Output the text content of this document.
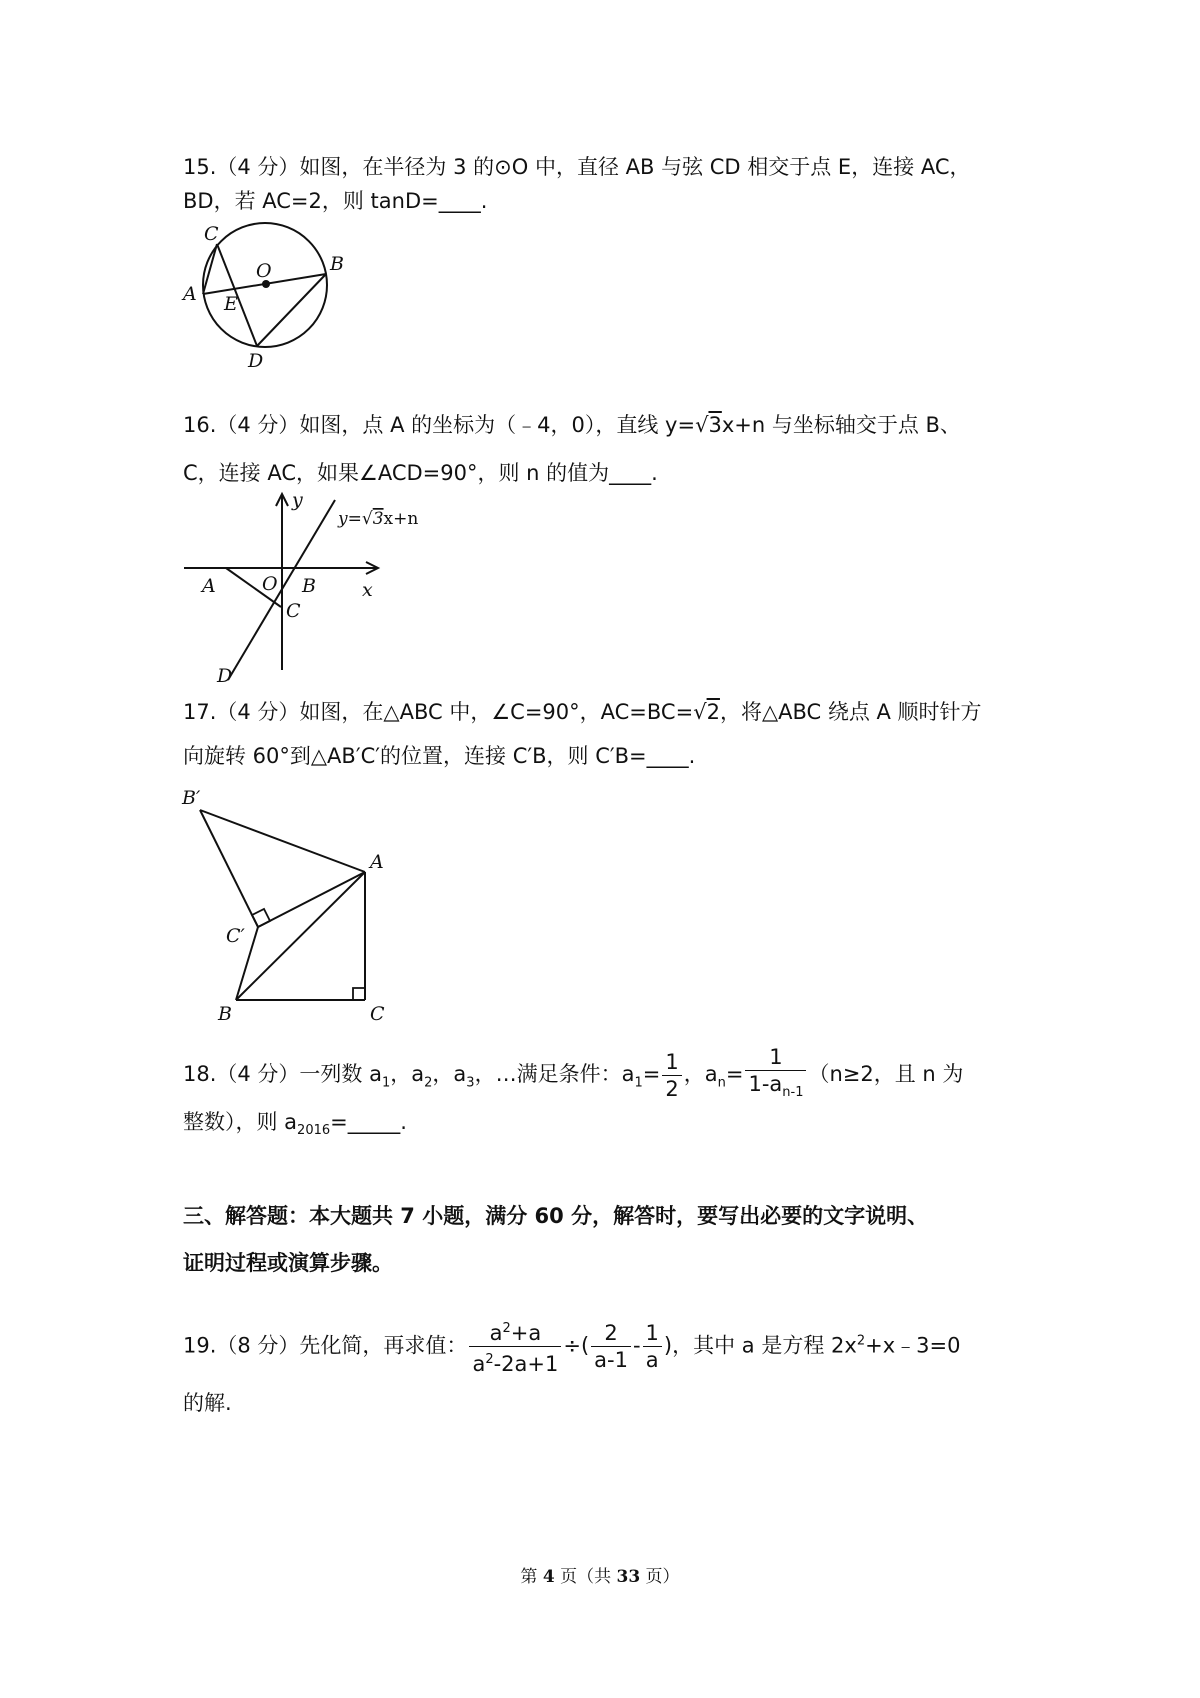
15.（4 分）如图，在半径为 3 的⊙O 中，直径 AB 与弦 CD 相交于点 E，连接 AC，
BD，若 AC=2，则 tanD=____.
C
O	B
A E
D
16.（4 分）如图，点 A 的坐标为（﹣4，0），直线 y=√3x+n 与坐标轴交于点 B、
C，连接 AC，如果∠ACD=90°，则 n 的值为____.
y
y=√3x+n
A O B x
C
D
17.（4 分）如图，在△ABC 中，∠C=90°，AC=BC=√2，将△ABC 绕点 A 顺时针方
向旋转 60°到△AB′C′的位置，连接 C′B，则 C′B=____.
B′
A
C′
B	C
18.（4 分）一列数 $a_1$，$a_2$，$a_3$，…满足条件：$a_1= \frac{1}{2}$ ，$a_n= \frac{1}{1-a_{n-1}} (n\ge 2$，且 n 为
整数），则 $a_{2016}=\_\_\_\_\_$.
三、解答题：本大题共 7 小题，满分 60 分，解答时，要写出必要的文字说明、
证明过程或演算步骤。
19.（8 分）先化简，再求值： $\frac{a^2+a}{a^2-2a+1}$ ÷( $\frac{2}{a-1} - \frac{1}{a}$ )，其中 a 是方程 $2x^2+x﹣3=0$
的解.
第 4 页（共 33 页）
